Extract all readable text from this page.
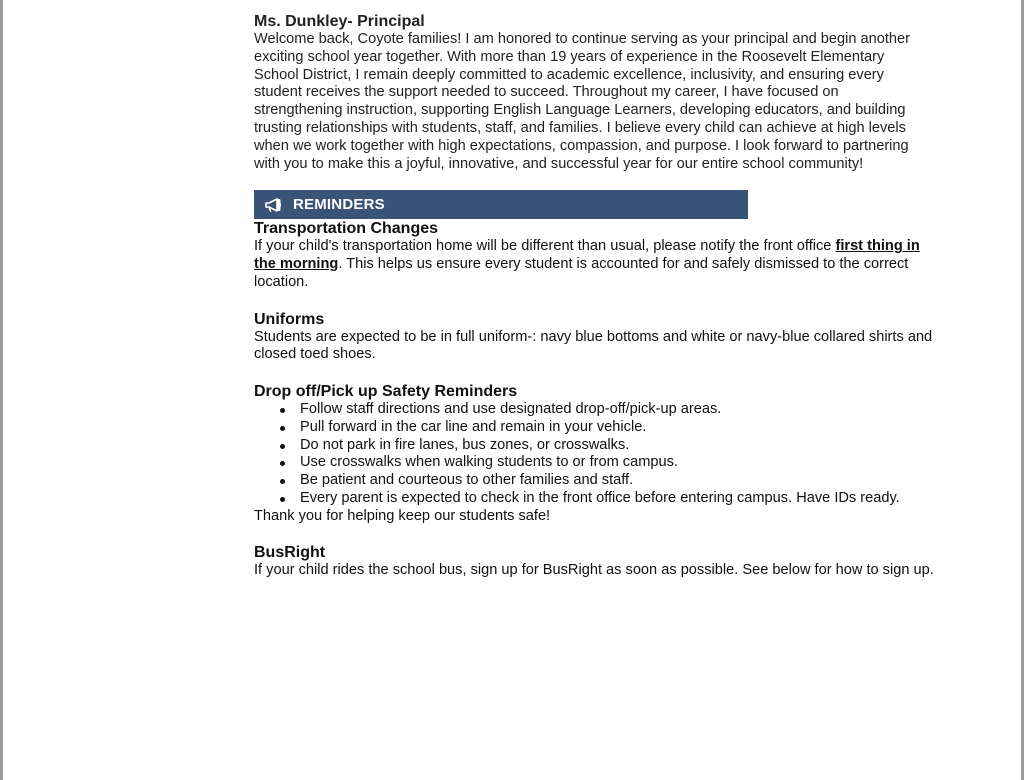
Ms. Dunkley- Principal

Welcome back, Coyote families! I am honored to continue serving as your principal and begin another exciting school year together. With more than 19 years of experience in the Roosevelt Elementary School District, I remain deeply committed to academic excellence, inclusivity, and ensuring every student receives the support needed to succeed. Throughout my career, I have focused on strengthening instruction, supporting English Language Learners, developing educators, and building trusting relationships with students, staff, and families. I believe every child can achieve at high levels when we work together with high expectations, compassion, and purpose. I look forward to partnering with you to make this a joyful, innovative, and successful year for our entire school community!

REMINDERS
Transportation Changes

If your child's transportation home will be different than usual, please notify the front office first thing in the morning. This helps us ensure every student is accounted for and safely dismissed to the correct location.

Uniforms

Students are expected to be in full uniform-: navy blue bottoms and white or navy-blue collared shirts and closed toed shoes.

Drop off/Pick up Safety Reminders
Follow staff directions and use designated drop-off/pick-up areas.
Pull forward in the car line and remain in your vehicle.
Do not park in fire lanes, bus zones, or crosswalks.
Use crosswalks when walking students to or from campus.
Be patient and courteous to other families and staff.
Every parent is expected to check in the front office before entering campus. Have IDs ready.

Thank you for helping keep our students safe!

BusRight

If your child rides the school bus, sign up for BusRight as soon as possible. See below for how to sign up.
